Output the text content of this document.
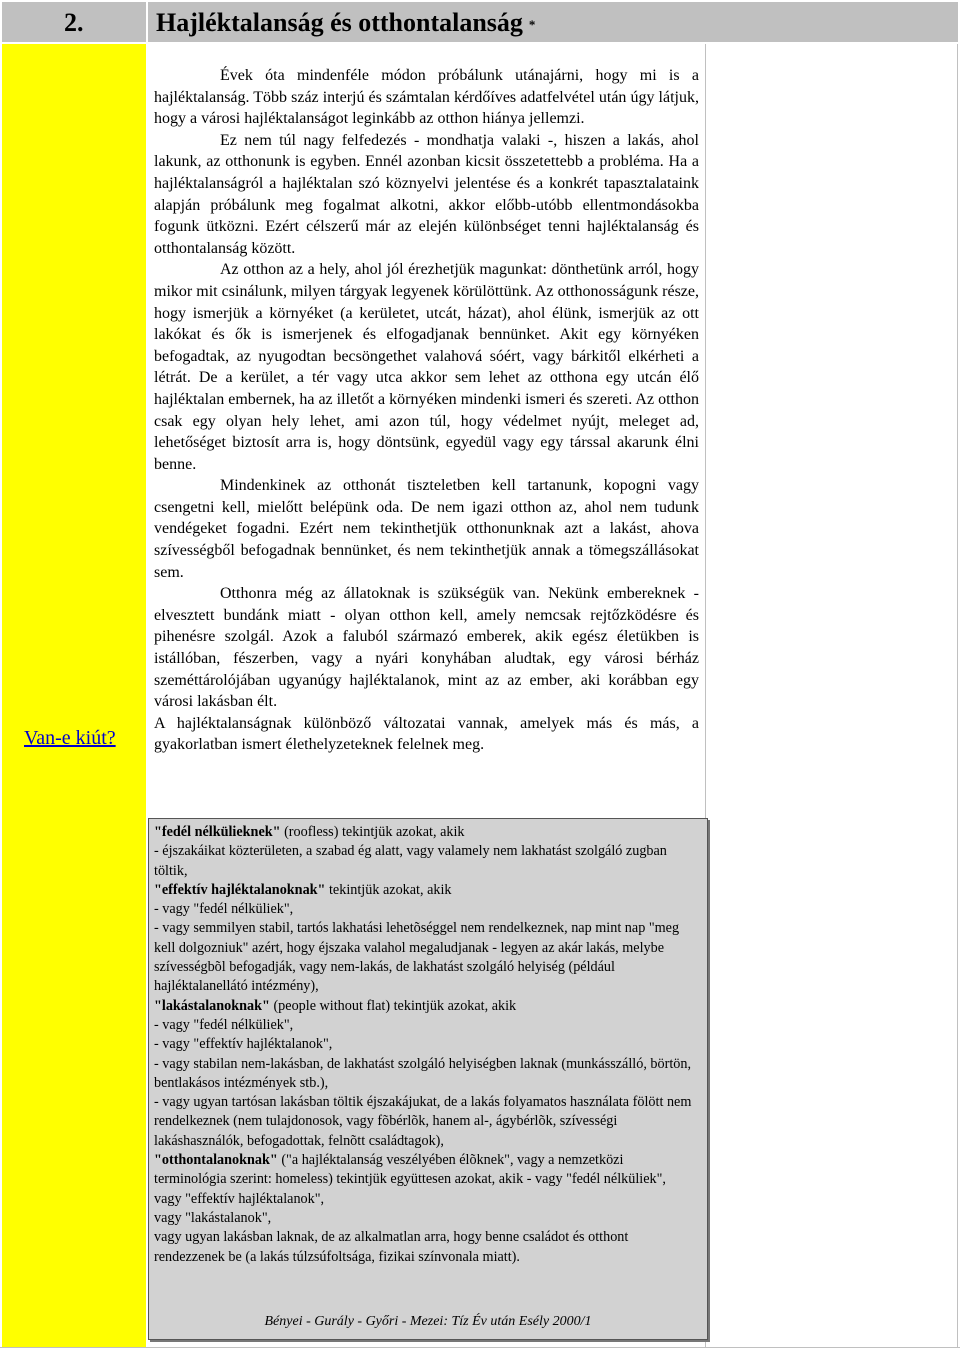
2.	Hajléktalanság és otthontalanság *
Van-e kiút?

Évek óta mindenféle módon próbálunk utánajárni, hogy mi is a hajléktalanság. Több száz interjú és számtalan kérdőíves adatfelvétel után úgy látjuk, hogy a városi hajléktalanságot leginkább az otthon hiánya jellemzi.

Ez nem túl nagy felfedezés - mondhatja valaki -, hiszen a lakás, ahol lakunk, az otthonunk is egyben. Ennél azonban kicsit összetettebb a probléma. Ha a hajléktalanságról a hajléktalan szó köznyelvi jelentése és a konkrét tapasztalataink alapján próbálunk meg fogalmat alkotni, akkor előbb-utóbb ellentmondásokba fogunk ütközni. Ezért célszerű már az elején különbséget tenni hajléktalanság és otthontalanság között.

Az otthon az a hely, ahol jól érezhetjük magunkat: dönthetünk arról, hogy mikor mit csinálunk, milyen tárgyak legyenek körülöttünk. Az otthonosságunk része, hogy ismerjük a környéket (a kerületet, utcát, házat), ahol élünk, ismerjük az ott lakókat és ők is ismerjenek és elfogadjanak bennünket. Akit egy környéken befogadtak, az nyugodtan becsöngethet valahová sóért, vagy bárkitől elkérheti a létrát. De a kerület, a tér vagy utca akkor sem lehet az otthona egy utcán élő hajléktalan embernek, ha az illetőt a környéken mindenki ismeri és szereti. Az otthon csak egy olyan hely lehet, ami azon túl, hogy védelmet nyújt, meleget ad, lehetőséget biztosít arra is, hogy döntsünk, egyedül vagy egy társsal akarunk élni benne.

Mindenkinek az otthonát tiszteletben kell tartanunk, kopogni vagy csengetni kell, mielőtt belépünk oda. De nem igazi otthon az, ahol nem tudunk vendégeket fogadni. Ezért nem tekinthetjük otthonunknak azt a lakást, ahova szívességből befogadnak bennünket, és nem tekinthetjük annak a tömegszállásokat sem.

Otthonra még az állatoknak is szükségük van. Nekünk embereknek - elvesztett bundánk miatt - olyan otthon kell, amely nemcsak rejtőzködésre és pihenésre szolgál. Azok a faluból származó emberek, akik egész életükben is istállóban, fészerben, vagy a nyári konyhában aludtak, egy városi bérház szeméttárolójában ugyanúgy hajléktalanok, mint az az ember, aki korábban egy városi lakásban élt.

A hajléktalanságnak különböző változatai vannak, amelyek más és más, a gyakorlatban ismert élethelyzeteknek felelnek meg.

"fedél nélkülieknek" (roofless) tekintjük azokat, akik

- éjszakáikat közterületen, a szabad ég alatt, vagy valamely nem lakhatást szolgáló zugban töltik,

"effektív hajléktalanoknak" tekintjük azokat, akik

- vagy "fedél nélküliek",

- vagy semmilyen stabil, tartós lakhatási lehetõséggel nem rendelkeznek, nap mint nap "meg kell dolgozniuk" azért, hogy éjszaka valahol megaludjanak - legyen az akár lakás, melybe szívességbõl befogadják, vagy nem-lakás, de lakhatást szolgáló helyiség (például hajléktalanellátó intézmény),

"lakástalanoknak" (people without flat) tekintjük azokat, akik

- vagy "fedél nélküliek",

- vagy "effektív hajléktalanok",

- vagy stabilan nem-lakásban, de lakhatást szolgáló helyiségben laknak (munkásszálló, börtön, bentlakásos intézmények stb.),

- vagy ugyan tartósan lakásban töltik éjszakájukat, de a lakás folyamatos használata fölött nem rendelkeznek (nem tulajdonosok, vagy fõbérlõk, hanem al-, ágybérlõk, szívességi lakáshasználók, befogadottak, felnõtt családtagok),

"otthontalanoknak" ("a hajléktalanság veszélyében élõknek", vagy a nemzetközi terminológia szerint: homeless) tekintjük együttesen azokat, akik - vagy "fedél nélküliek",

vagy "effektív hajléktalanok",

vagy "lakástalanok",

vagy ugyan lakásban laknak, de az alkalmatlan arra, hogy benne családot és otthont rendezzenek be (a lakás túlzsúfoltsága, fizikai színvonala miatt).

Bényei - Gurály - Győri - Mezei: Tíz Év után Esély 2000/1
